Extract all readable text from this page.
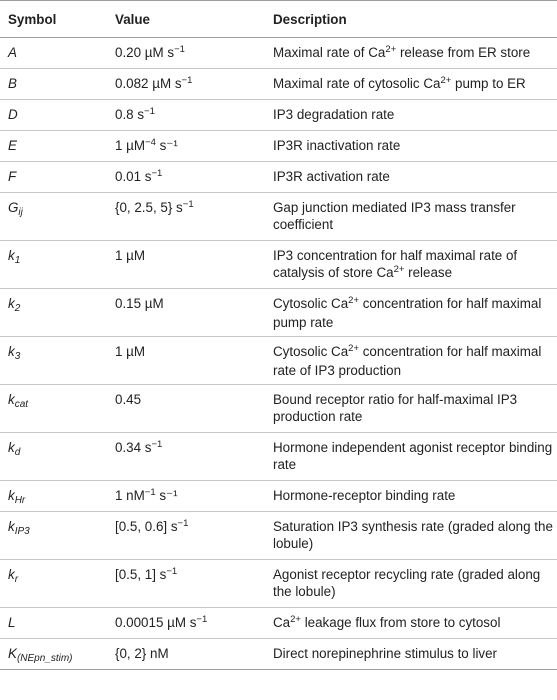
Symbol	Value	Description
A	0.20 µM $s^{-1}$	Maximal rate of $Ca^{2+}$ release from ER store
B	0.082 µM $s^{-1}$	Maximal rate of cytosolic $Ca^{2+}$ pump to ER
D	0.8 $s^{-1}$	IP3 degradation rate
E	1 µM$^{-4}$ s⁻¹	IP3R inactivation rate
F	0.01 $s^{-1}$	IP3R activation rate
$G_{ij}$	{0, 2.5, 5} $s^{-1}$	Gap junction mediated IP3 mass transfer coefficient
$k_1$	1 µM	IP3 concentration for half maximal rate of catalysis of store $Ca^{2+}$ release
$k_2$	0.15 µM	Cytosolic $Ca^{2+}$ concentration for half maximal pump rate
$k_3$	1 µM	Cytosolic $Ca^{2+}$ concentration for half maximal rate of IP3 production
$k_{cat}$	0.45	Bound receptor ratio for half-maximal IP3 production rate
$k_d$	0.34 $s^{-1}$	Hormone independent agonist receptor binding rate
$k_{Hr}$	1 $nM^{-1}$ s⁻¹	Hormone-receptor binding rate
$k_{IP3}$	[0.5, 0.6] $s^{-1}$	Saturation IP3 synthesis rate (graded along the lobule)
$k_r$	[0.5, 1] $s^{-1}$	Agonist receptor recycling rate (graded along the lobule)
L	0.00015 µM $s^{-1}$	$Ca^{2+}$ leakage flux from store to cytosol
$K_{(NEpn\_stim)}$	{0, 2} nM	Direct norepinephrine stimulus to liver
